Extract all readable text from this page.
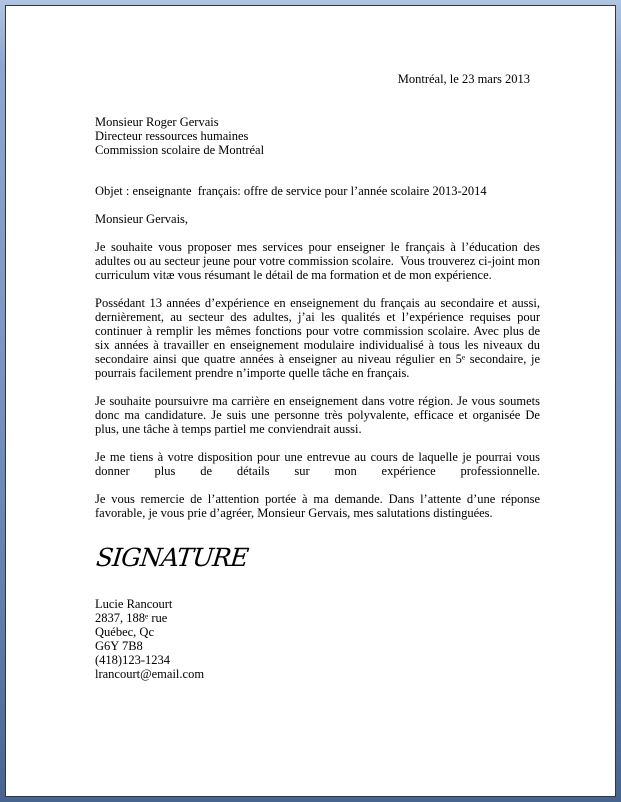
Montréal, le 23 mars 2013
Monsieur Roger Gervais
Directeur ressources humaines
Commission scolaire de Montréal
Objet : enseignante  français: offre de service pour l’année scolaire 2013-2014
Monsieur Gervais,

Je souhaite vous proposer mes services pour enseigner le français à l’éducation des adultes ou au secteur jeune pour votre commission scolaire.  Vous trouverez ci-joint mon curriculum vitæ vous résumant le détail de ma formation et de mon expérience.

Possédant 13 années d’expérience en enseignement du français au secondaire et aussi, dernièrement, au secteur des adultes, j’ai les qualités et l’expérience requises pour continuer à remplir les mêmes fonctions pour votre commission scolaire. Avec plus de six années à travailler en enseignement modulaire individualisé à tous les niveaux du secondaire ainsi que quatre années à enseigner au niveau régulier en 5ᵉ secondaire, je pourrais facilement prendre n’importe quelle tâche en français.

Je souhaite poursuivre ma carrière en enseignement dans votre région. Je vous soumets donc ma candidature. Je suis une personne très polyvalente, efficace et organisée De plus, une tâche à temps partiel me conviendrait aussi.

Je me tiens à votre disposition pour une entrevue au cours de laquelle je pourrai vous
donner plus de détails sur mon expérience professionnelle.

Je vous remercie de l’attention portée à ma demande. Dans l’attente d’une réponse favorable, je vous prie d’agréer, Monsieur Gervais, mes salutations distinguées.

SIGNATURE
Lucie Rancourt
2837, 188ᵉ rue
Québec, Qc
G6Y 7B8
(418)123-1234
lrancourt@email.com
